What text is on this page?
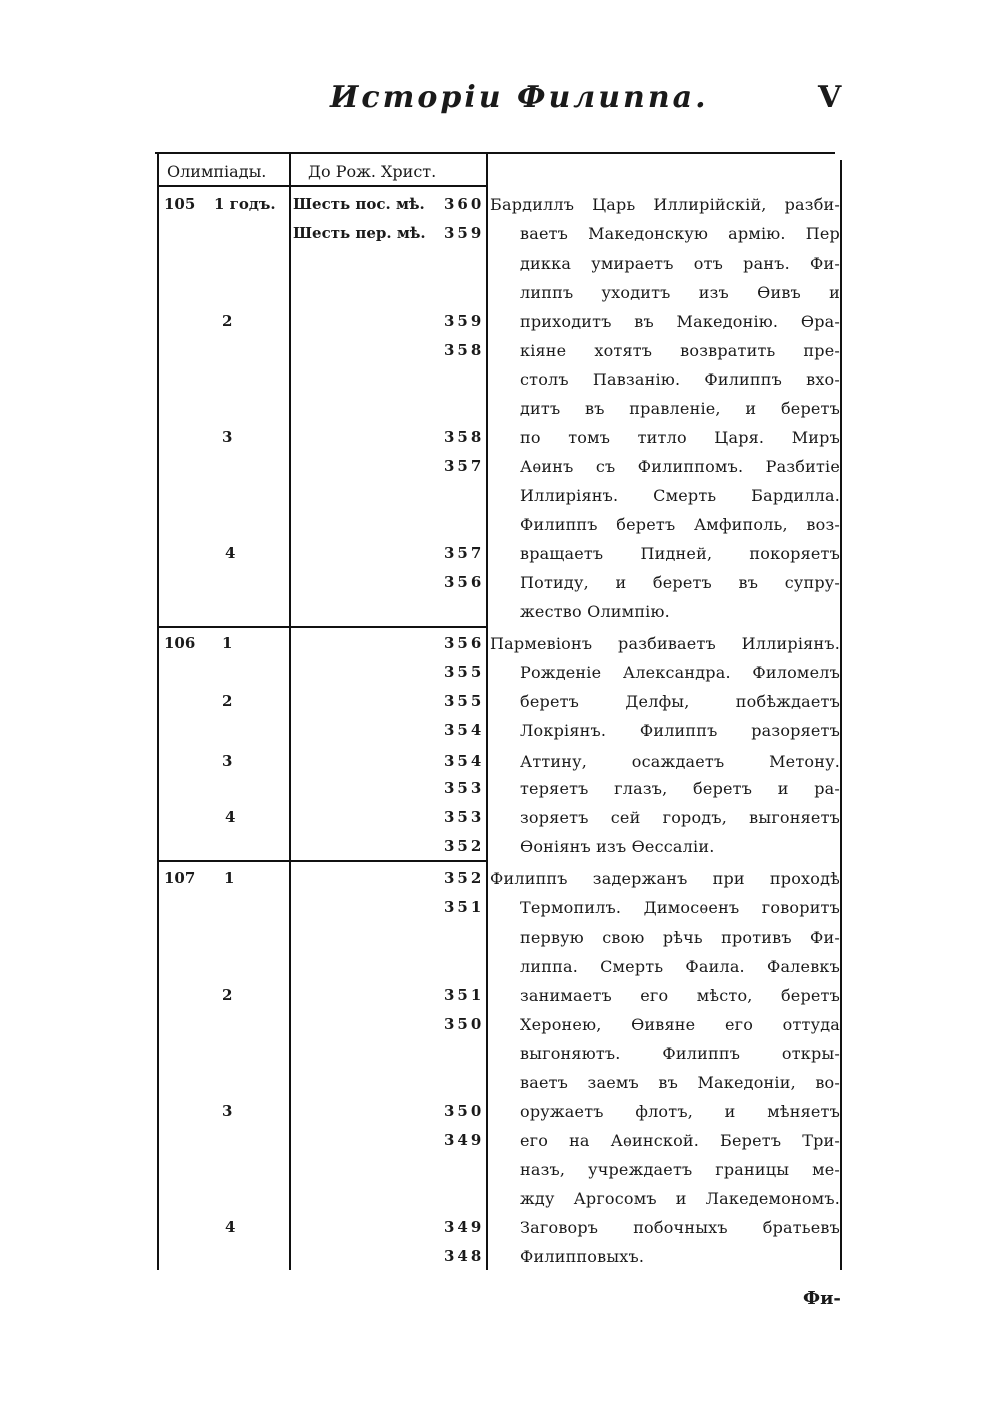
Исторiи Филиппа.	V
Олимпiады.	До Рож. Христ.
105
106
107
1 годъ.
2
3
4
1
2
3
4
1
2
3
4
Шесть пос. мѣ.
Шесть пер. мѣ.
360
359
359
358
358
357
357
356
356
355
355
354
354
353
353
352
352
351
351
350
350
349
349
348
Бардиллъ Царь Иллирiйскiй, разби-
ваетъ Македонскую армiю. Пер
дикка умираетъ отъ ранъ. Фи-
липпъ уходитъ изъ Ѳивъ и
приходитъ въ Македонiю. Ѳра-
кiяне хотятъ возвратить пре-
столъ Павзанiю. Филиппъ вхо-
дитъ въ правленiе, и беретъ
по томъ титло Царя. Миръ
Аѳинъ съ Филиппомъ. Разбитiе
Иллирiянъ. Смерть Бардилла.
Филиппъ беретъ Амфиполь, воз-
вращаетъ Пидней, покоряетъ
Потиду, и беретъ въ супру-
жество Олимпiю.
Пармевiонъ разбиваетъ Иллирiянъ.
Рожденiе Александра. Филомелъ
беретъ Делфы, побѣждаетъ
Локрiянъ. Филиппъ разоряетъ
Аттину, осаждаетъ Метону.
теряетъ глазъ, беретъ и ра-
зоряетъ сей городъ, выгоняетъ
Ѳонiянъ изъ Ѳессалiи.
Филиппъ задержанъ при проходѣ
Термопилъ. Димосѳенъ говоритъ
первую свою рѣчь противъ Фи-
липпа. Смерть Фаила. Фалевкъ
занимаетъ его мѣсто, беретъ
Херонею, Ѳивяне его оттуда
выгоняютъ. Филиппъ откры-
ваетъ заемъ въ Македонiи, во-
оружаетъ флотъ, и мѣняетъ
его на Аѳинской. Беретъ Три-
назъ, учреждаетъ границы ме-
жду Аргосомъ и Лакедемономъ.
Заговоръ побочныхъ братьевъ
Филипповыхъ.
Фи-
